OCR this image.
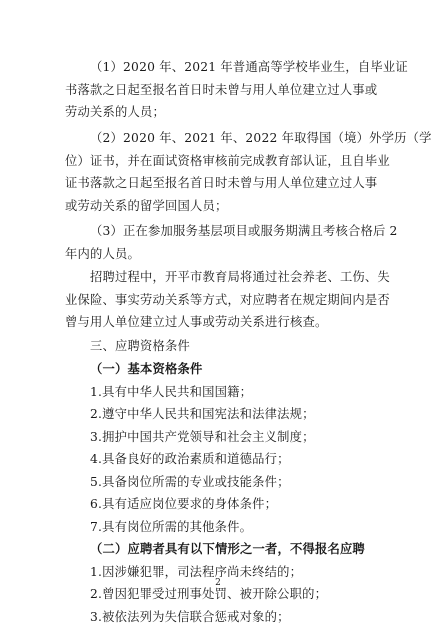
（1）2020 年、2021 年普通高等学校毕业生，自毕业证
书落款之日起至报名首日时未曾与用人单位建立过人事或
劳动关系的人员；
（2）2020 年、2021 年、2022 年取得国（境）外学历（学
位）证书，并在面试资格审核前完成教育部认证，且自毕业
证书落款之日起至报名首日时未曾与用人单位建立过人事
或劳动关系的留学回国人员；
（3）正在参加服务基层项目或服务期满且考核合格后 2
年内的人员。
招聘过程中，开平市教育局将通过社会养老、工伤、失
业保险、事实劳动关系等方式，对应聘者在规定期间内是否
曾与用人单位建立过人事或劳动关系进行核查。
三、应聘资格条件
（一）基本资格条件
1.具有中华人民共和国国籍；
2.遵守中华人民共和国宪法和法律法规；
3.拥护中国共产党领导和社会主义制度；
4.具备良好的政治素质和道德品行；
5.具备岗位所需的专业或技能条件；
6.具有适应岗位要求的身体条件；
7.具有岗位所需的其他条件。
（二）应聘者具有以下情形之一者，不得报名应聘
1.因涉嫌犯罪，司法程序尚未终结的；
2.曾因犯罪受过刑事处罚、被开除公职的；
3.被依法列为失信联合惩戒对象的；
2
